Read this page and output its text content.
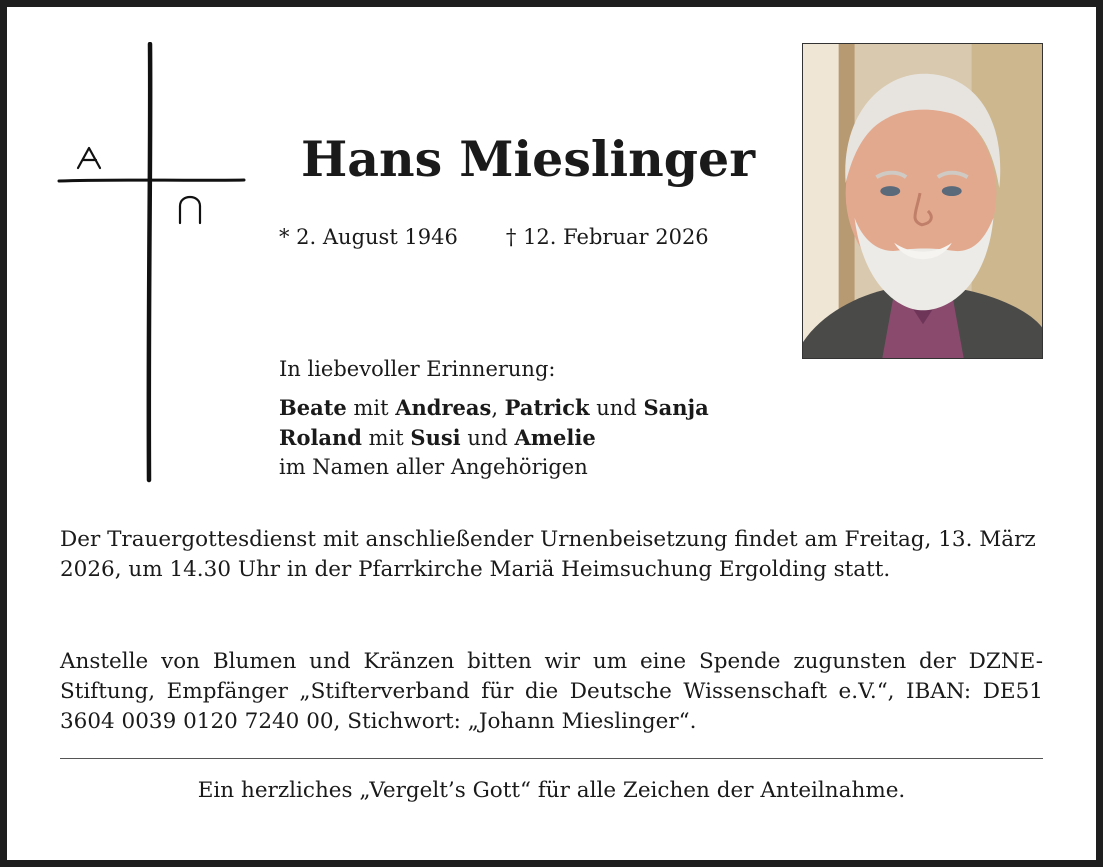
Hans Mieslinger
* 2. August 1946 † 12. Februar 2026
In liebevoller Erinnerung:
Beate mit Andreas, Patrick und Sanja
Roland mit Susi und Amelie
im Namen aller Angehörigen

Der Trauergottesdienst mit anschließender Urnenbeisetzung findet am Freitag, 13. März 2026, um 14.30 Uhr in der Pfarrkirche Mariä Heimsuchung Ergolding statt.

Anstelle von Blumen und Kränzen bitten wir um eine Spende zugunsten der DZNE-Stiftung, Empfänger „Stifterverband für die Deutsche Wissenschaft e.V.“, IBAN: DE51 3604 0039 0120 7240 00, Stichwort: „Johann Mieslinger“.

Ein herzliches „Vergelt’s Gott“ für alle Zeichen der Anteilnahme.
